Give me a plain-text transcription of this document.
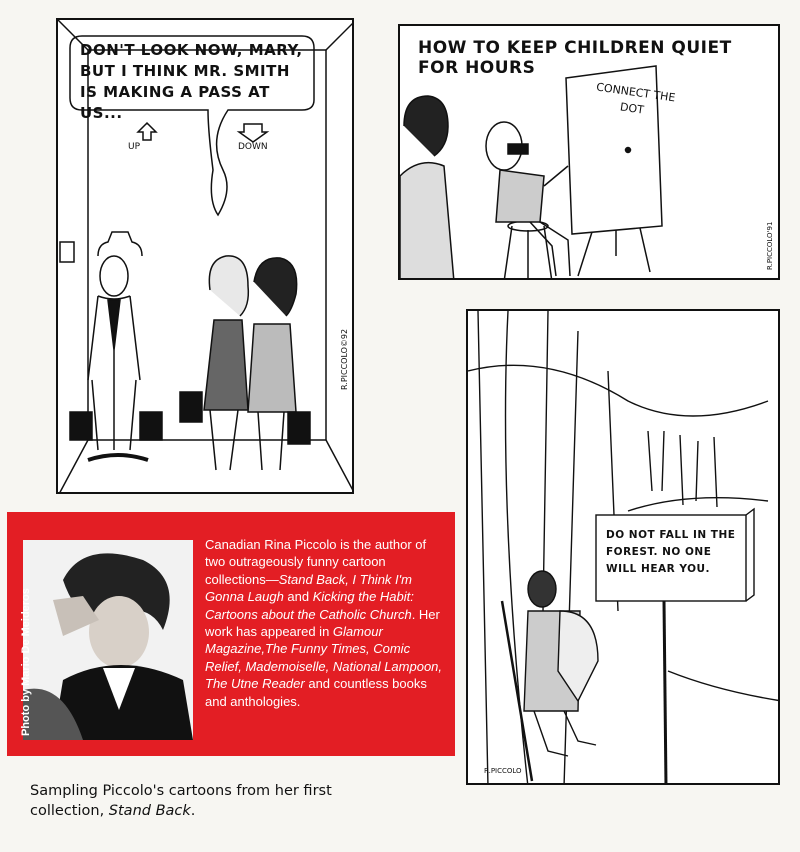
DON'T LOOK NOW, MARY, BUT I THINK MR. SMITH IS MAKING A PASS AT US...
UP	DOWN
R.PICCOLO©92
HOW TO KEEP CHILDREN QUIET FOR HOURS
CONNECT THE
DOT
R.PICCOLO'91
DO NOT FALL IN THE FOREST. NO ONE WILL HEAR YOU.
R.PICCOLO
Photo by Mario De Meideros
Canadian Rina Piccolo is the author of two outrageously funny cartoon collections—Stand Back, I Think I'm Gonna Laugh and Kicking the Habit: Cartoons about the Catholic Church. Her work has appeared in Glamour Magazine,The Funny Times, Comic Relief, Mademoiselle, National Lampoon, The Utne Reader and countless books and anthologies.
Sampling Piccolo's cartoons from her first collection, Stand Back.
